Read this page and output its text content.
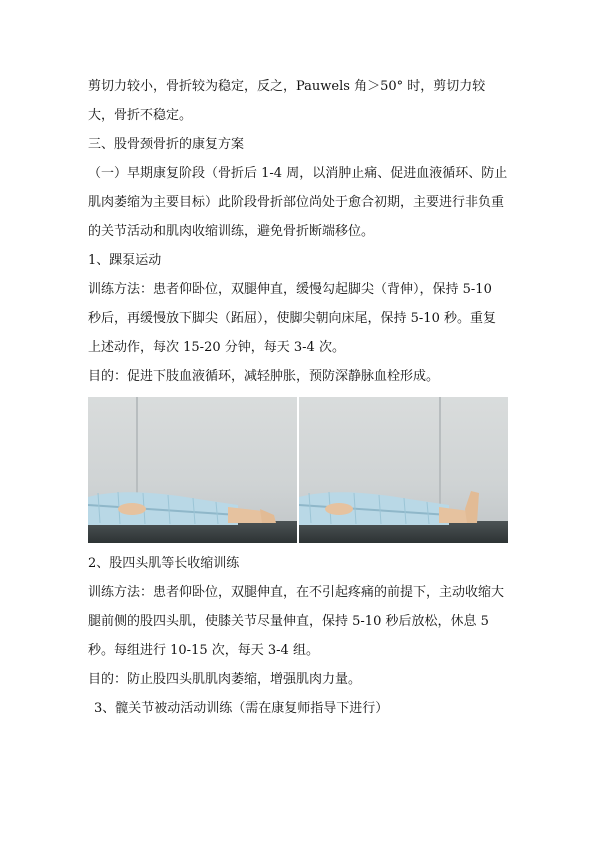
剪切力较小，骨折较为稳定，反之，Pauwels 角＞50° 时，剪切力较大，骨折不稳定。

三、股骨颈骨折的康复方案

（一）早期康复阶段（骨折后 1-4 周，以消肿止痛、促进血液循环、防止肌肉萎缩为主要目标）此阶段骨折部位尚处于愈合初期，主要进行非负重的关节活动和肌肉收缩训练，避免骨折断端移位。

1、踝泵运动

训练方法：患者仰卧位，双腿伸直，缓慢勾起脚尖（背伸），保持 5-10 秒后，再缓慢放下脚尖（跖屈），使脚尖朝向床尾，保持 5-10 秒。重复上述动作，每次 15-20 分钟，每天 3-4 次。

目的：促进下肢血液循环，减轻肿胀，预防深静脉血栓形成。

2、股四头肌等长收缩训练

训练方法：患者仰卧位，双腿伸直，在不引起疼痛的前提下，主动收缩大腿前侧的股四头肌，使膝关节尽量伸直，保持 5-10 秒后放松，休息 5 秒。每组进行 10-15 次，每天 3-4 组。

目的：防止股四头肌肌肉萎缩，增强肌肉力量。

3、髋关节被动活动训练（需在康复师指导下进行）
